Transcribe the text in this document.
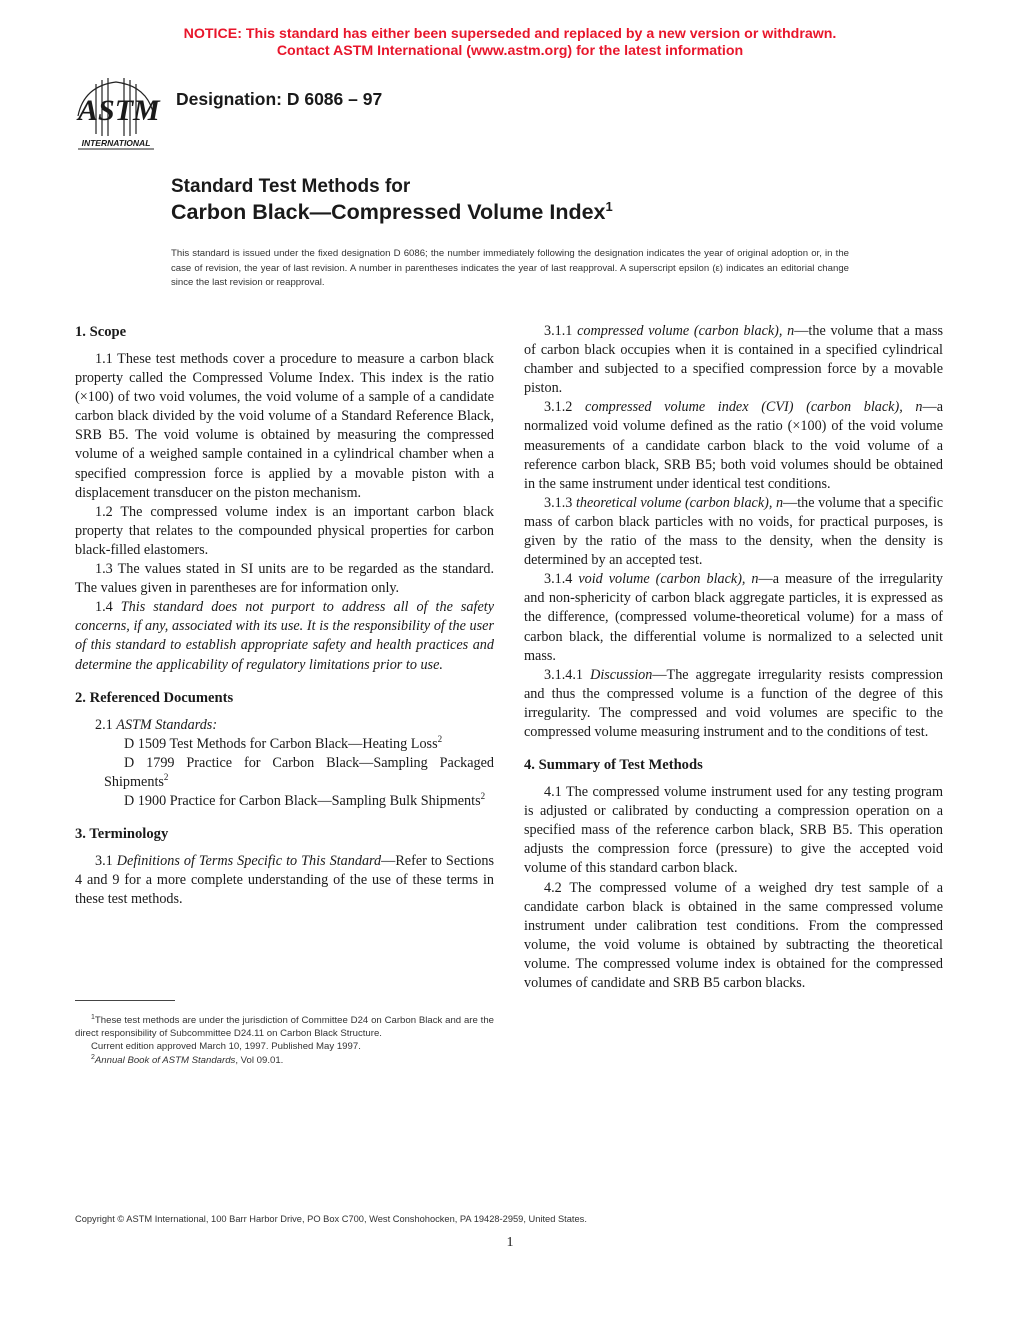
NOTICE: This standard has either been superseded and replaced by a new version or withdrawn.
Contact ASTM International (www.astm.org) for the latest information
ASTM
INTERNATIONAL
Designation: D 6086 – 97
Standard Test Methods for
Carbon Black—Compressed Volume Index$^1$
This standard is issued under the fixed designation D 6086; the number immediately following the designation indicates the year of original adoption or, in the case of revision, the year of last revision. A number in parentheses indicates the year of last reapproval. A superscript epsilon (ε) indicates an editorial change since the last revision or reapproval.
1. Scope

1.1 These test methods cover a procedure to measure a carbon black property called the Compressed Volume Index. This index is the ratio (×100) of two void volumes, the void volume of a sample of a candidate carbon black divided by the void volume of a Standard Reference Black, SRB B5. The void volume is obtained by measuring the compressed volume of a weighed sample contained in a cylindrical chamber when a specified compression force is applied by a movable piston with a displacement transducer on the piston mechanism.

1.2 The compressed volume index is an important carbon black property that relates to the compounded physical properties for carbon black-filled elastomers.

1.3 The values stated in SI units are to be regarded as the standard. The values given in parentheses are for information only.

1.4 This standard does not purport to address all of the safety concerns, if any, associated with its use. It is the responsibility of the user of this standard to establish appropriate safety and health practices and determine the applicability of regulatory limitations prior to use.

2. Referenced Documents

2.1 ASTM Standards:

D 1509 Test Methods for Carbon Black—Heating Loss$^2$

D 1799 Practice for Carbon Black—Sampling Packaged Shipments$^2$

D 1900 Practice for Carbon Black—Sampling Bulk Shipments$^2$

3. Terminology

3.1 Definitions of Terms Specific to This Standard—Refer to Sections 4 and 9 for a more complete understanding of the use of these terms in these test methods.

3.1.1 compressed volume (carbon black), n—the volume that a mass of carbon black occupies when it is contained in a specified cylindrical chamber and subjected to a specified compression force by a movable piston.

3.1.2 compressed volume index (CVI) (carbon black), n—a normalized void volume defined as the ratio (×100) of the void volume measurements of a candidate carbon black to the void volume of a reference carbon black, SRB B5; both void volumes should be obtained in the same instrument under identical test conditions.

3.1.3 theoretical volume (carbon black), n—the volume that a specific mass of carbon black particles with no voids, for practical purposes, is given by the ratio of the mass to the density, when the density is determined by an accepted test.

3.1.4 void volume (carbon black), n—a measure of the irregularity and non-sphericity of carbon black aggregate particles, it is expressed as the difference, (compressed volume-theoretical volume) for a mass of carbon black, the differential volume is normalized to a selected unit mass.

3.1.4.1 Discussion—The aggregate irregularity resists compression and thus the compressed volume is a function of the degree of this irregularity. The compressed and void volumes are specific to the compressed volume measuring instrument and to the conditions of test.

4. Summary of Test Methods

4.1 The compressed volume instrument used for any testing program is adjusted or calibrated by conducting a compression operation on a specified mass of the reference carbon black, SRB B5. This operation adjusts the compression force (pressure) to give the accepted void volume of this standard carbon black.

4.2 The compressed volume of a weighed dry test sample of a candidate carbon black is obtained in the same compressed volume instrument under calibration test conditions. From the compressed volume, the void volume is obtained by subtracting the theoretical volume. The compressed volume index is obtained for the compressed volumes of candidate and SRB B5 carbon blacks.

$^1$These test methods are under the jurisdiction of Committee D24 on Carbon Black and are the direct responsibility of Subcommittee D24.11 on Carbon Black Structure.

Current edition approved March 10, 1997. Published May 1997.

$^2$Annual Book of ASTM Standards, Vol 09.01.

Copyright © ASTM International, 100 Barr Harbor Drive, PO Box C700, West Conshohocken, PA 19428-2959, United States.
1
